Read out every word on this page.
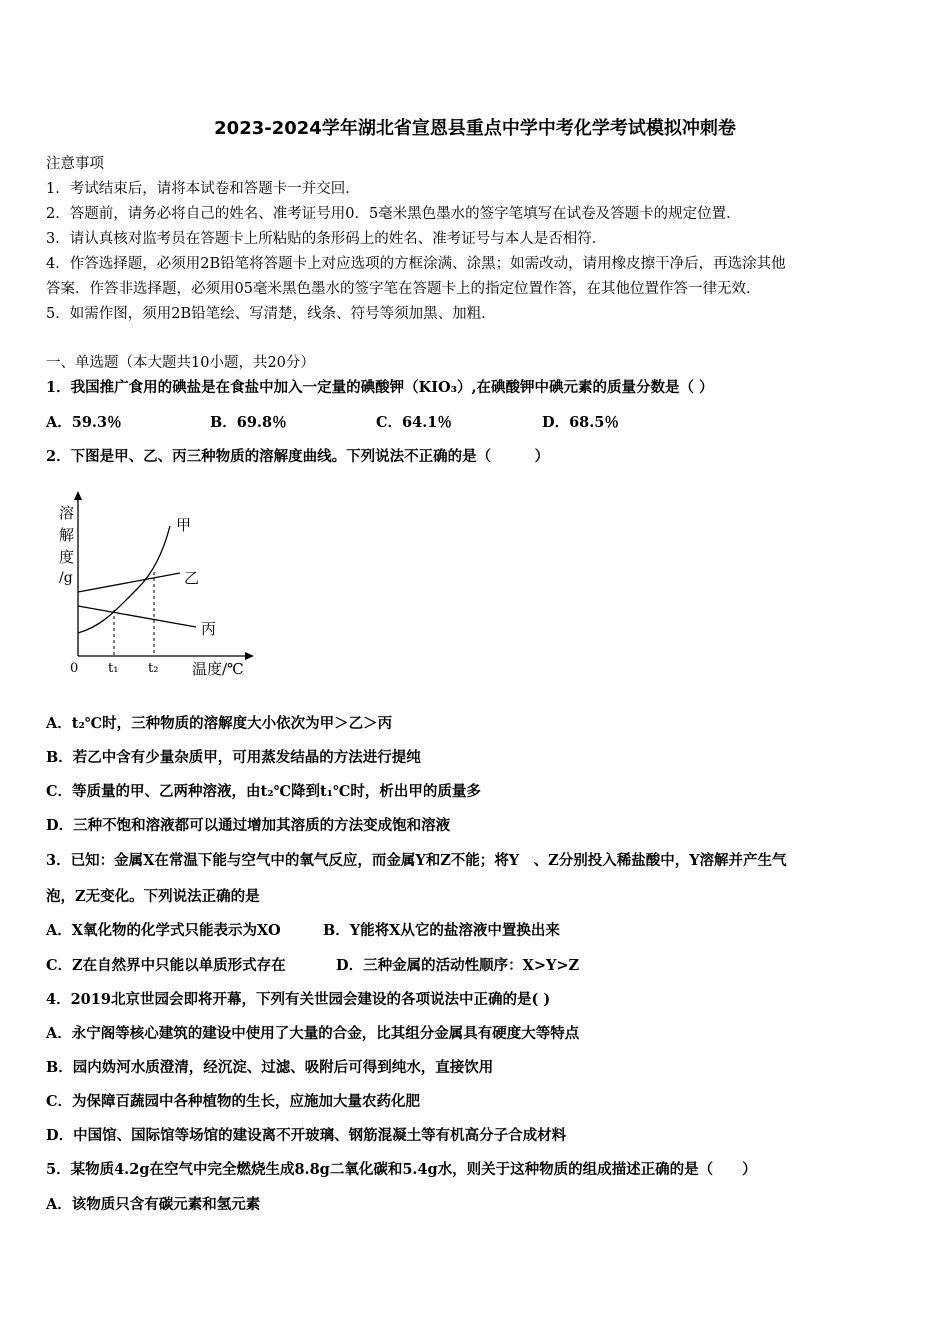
2023-2024学年湖北省宣恩县重点中学中考化学考试模拟冲刺卷
注意事项
1．考试结束后，请将本试卷和答题卡一并交回．
2．答题前，请务必将自己的姓名、准考证号用0．5毫米黑色墨水的签字笔填写在试卷及答题卡的规定位置．
3．请认真核对监考员在答题卡上所粘贴的条形码上的姓名、准考证号与本人是否相符．
4．作答选择题，必须用2B铅笔将答题卡上对应选项的方框涂满、涂黑；如需改动，请用橡皮擦干净后，再选涂其他
答案．作答非选择题，必须用05毫米黑色墨水的签字笔在答题卡上的指定位置作答，在其他位置作答一律无效．
5．如需作图，须用2B铅笔绘、写清楚，线条、符号等须加黑、加粗．
一、单选题（本大题共10小题，共20分）
1．我国推广食用的碘盐是在食盐中加入一定量的碘酸钾（KIO₃）,在碘酸钾中碘元素的质量分数是（ ）
A．59.3％	B．69.8％	C．64.1％	D．68.5％
2．下图是甲、乙、丙三种物质的溶解度曲线。下列说法不正确的是（　　　）
溶
解
度
/g
甲
乙
丙
0 t₁ t₂ 温度/℃
A．t₂℃时，三种物质的溶解度大小依次为甲＞乙＞丙
B．若乙中含有少量杂质甲，可用蒸发结晶的方法进行提纯
C．等质量的甲、乙两种溶液，由t₂℃降到t₁℃时，析出甲的质量多
D．三种不饱和溶液都可以通过增加其溶质的方法变成饱和溶液
3．已知：金属X在常温下能与空气中的氧气反应，而金属Y和Z不能；将Y　、Z分别投入稀盐酸中，Y溶解并产生气
泡，Z无变化。下列说法正确的是
A．X氧化物的化学式只能表示为XO	B．Y能将X从它的盐溶液中置换出来
C．Z在自然界中只能以单质形式存在	D．三种金属的活动性顺序：X>Y>Z
4．2019北京世园会即将开幕，下列有关世园会建设的各项说法中正确的是( )
A．永宁阁等核心建筑的建设中使用了大量的合金，比其组分金属具有硬度大等特点
B．园内妫河水质澄清，经沉淀、过滤、吸附后可得到纯水，直接饮用
C．为保障百蔬园中各种植物的生长，应施加大量农药化肥
D．中国馆、国际馆等场馆的建设离不开玻璃、钢筋混凝土等有机高分子合成材料
5．某物质4.2g在空气中完全燃烧生成8.8g二氧化碳和5.4g水，则关于这种物质的组成描述正确的是（　　）
A．该物质只含有碳元素和氢元素
